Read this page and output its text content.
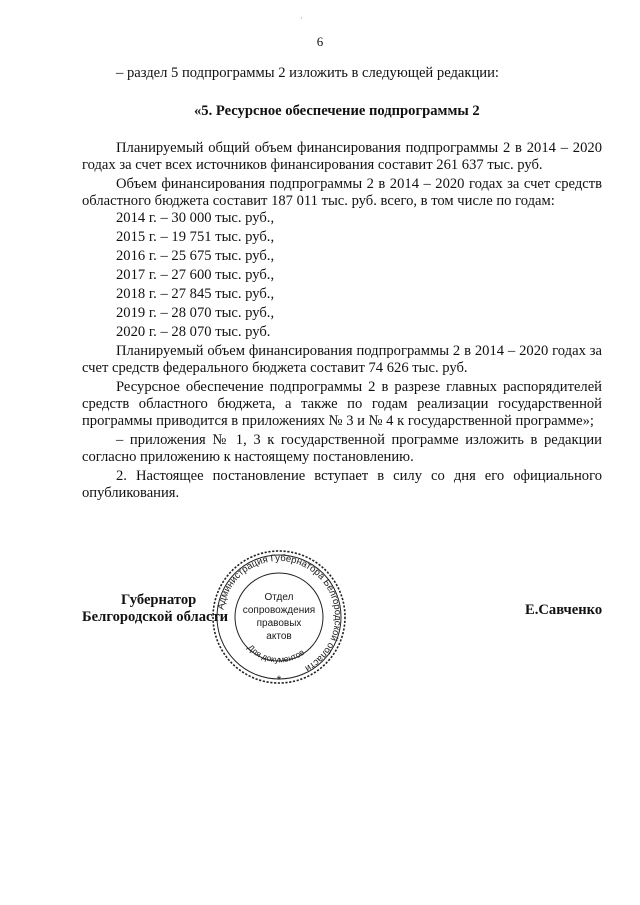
·
6

– раздел 5 подпрограммы 2 изложить в следующей редакции:

«5. Ресурсное обеспечение подпрограммы 2

Планируемый общий объем финансирования подпрограммы 2 в 2014 – 2020 годах за счет всех источников финансирования составит 261 637 тыс. руб.

Объем финансирования подпрограммы 2 в 2014 – 2020 годах за счет средств областного бюджета составит 187 011 тыс. руб. всего, в том числе по годам:

2014 г. – 30 000 тыс. руб.,
2015 г. – 19 751 тыс. руб.,
2016 г. – 25 675 тыс. руб.,
2017 г. – 27 600 тыс. руб.,
2018 г. – 27 845 тыс. руб.,
2019 г. – 28 070 тыс. руб.,
2020 г. – 28 070 тыс. руб.

Планируемый объем финансирования подпрограммы 2 в 2014 – 2020 годах за счет средств федерального бюджета составит 74 626 тыс. руб.

Ресурсное обеспечение подпрограммы 2 в разрезе главных распорядителей средств областного бюджета, а также по годам реализации государственной программы приводится в приложениях № 3 и № 4 к государственной программе»;

– приложения № 1, 3 к государственной программе изложить в редакции согласно приложению к настоящему постановлению.

2. Настоящее постановление вступает в силу со дня его официального опубликования.

Губернатор
Белгородской области	Е.Савченко
Администрация Губернатора Белгородской области
Для документов
Отдел
сопровождения
правовых
актов
*
